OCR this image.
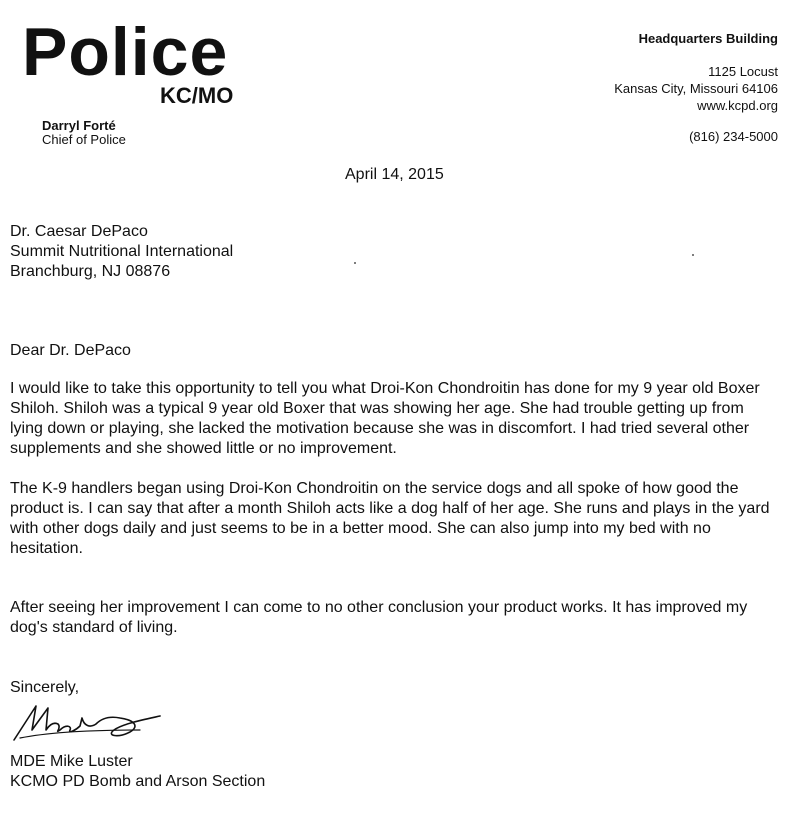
Police
KC/MO
Darryl Forté
Chief of Police
Headquarters Building
1125 Locust
Kansas City, Missouri 64106
www.kcpd.org
(816) 234-5000
April 14, 2015
Dr. Caesar DePaco
Summit Nutritional International
Branchburg, NJ 08876
Dear Dr. DePaco
I would like to take this opportunity to tell you what Droi-Kon Chondroitin has done for my 9 year old Boxer Shiloh. Shiloh was a typical 9 year old Boxer that was showing her age. She had trouble getting up from lying down or playing, she lacked the motivation because she was in discomfort. I had tried several other supplements and she showed little or no improvement.
The K-9 handlers began using Droi-Kon Chondroitin on the service dogs and all spoke of how good the product is. I can say that after a month Shiloh acts like a dog half of her age. She runs and plays in the yard with other dogs daily and just seems to be in a better mood. She can also jump into my bed with no hesitation.
After seeing her improvement I can come to no other conclusion your product works. It has improved my dog's standard of living.
Sincerely,
MDE Mike Luster
KCMO PD Bomb and Arson Section
